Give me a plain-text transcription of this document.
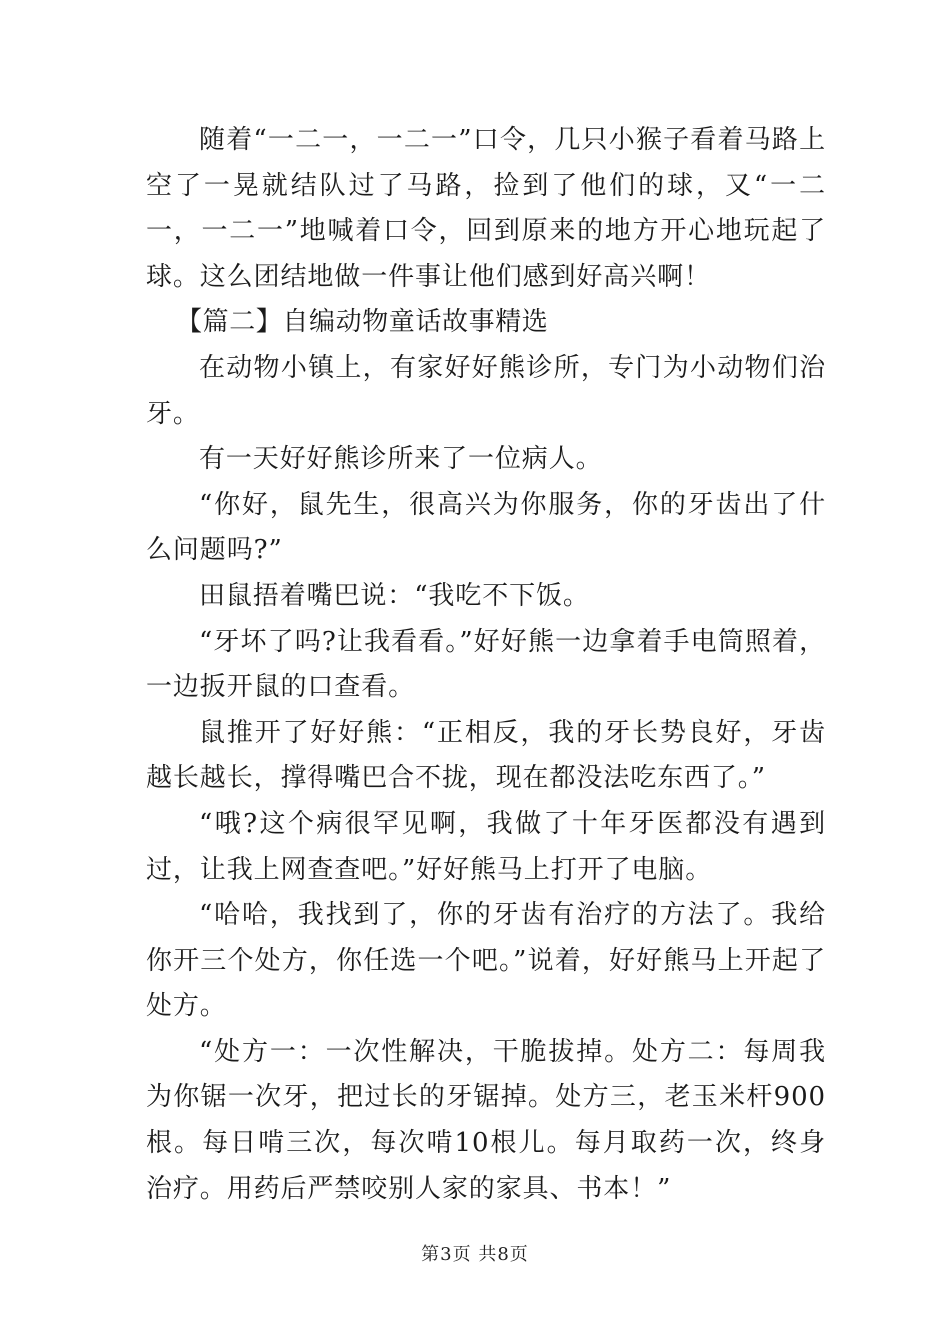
随着“一二一，一二一”口令，几只小猴子看着马路上空了一晃就结队过了马路，捡到了他们的球，又“一二一，一二一”地喊着口令，回到原来的地方开心地玩起了球。这么团结地做一件事让他们感到好高兴啊！

【篇二】自编动物童话故事精选

在动物小镇上，有家好好熊诊所，专门为小动物们治牙。

有一天好好熊诊所来了一位病人。

“你好，鼠先生，很高兴为你服务，你的牙齿出了什么问题吗?”

田鼠捂着嘴巴说：“我吃不下饭。

“牙坏了吗?让我看看。”好好熊一边拿着手电筒照着，一边扳开鼠的口查看。

鼠推开了好好熊：“正相反，我的牙长势良好，牙齿越长越长，撑得嘴巴合不拢，现在都没法吃东西了。”

“哦?这个病很罕见啊，我做了十年牙医都没有遇到过，让我上网查查吧。”好好熊马上打开了电脑。

“哈哈，我找到了，你的牙齿有治疗的方法了。我给你开三个处方，你任选一个吧。”说着，好好熊马上开起了处方。

“处方一：一次性解决，干脆拔掉。处方二：每周我为你锯一次牙，把过长的牙锯掉。处方三，老玉米杆900根。每日啃三次，每次啃10根儿。每月取药一次，终身治疗。用药后严禁咬别人家的家具、书本！”

第3页 共8页
